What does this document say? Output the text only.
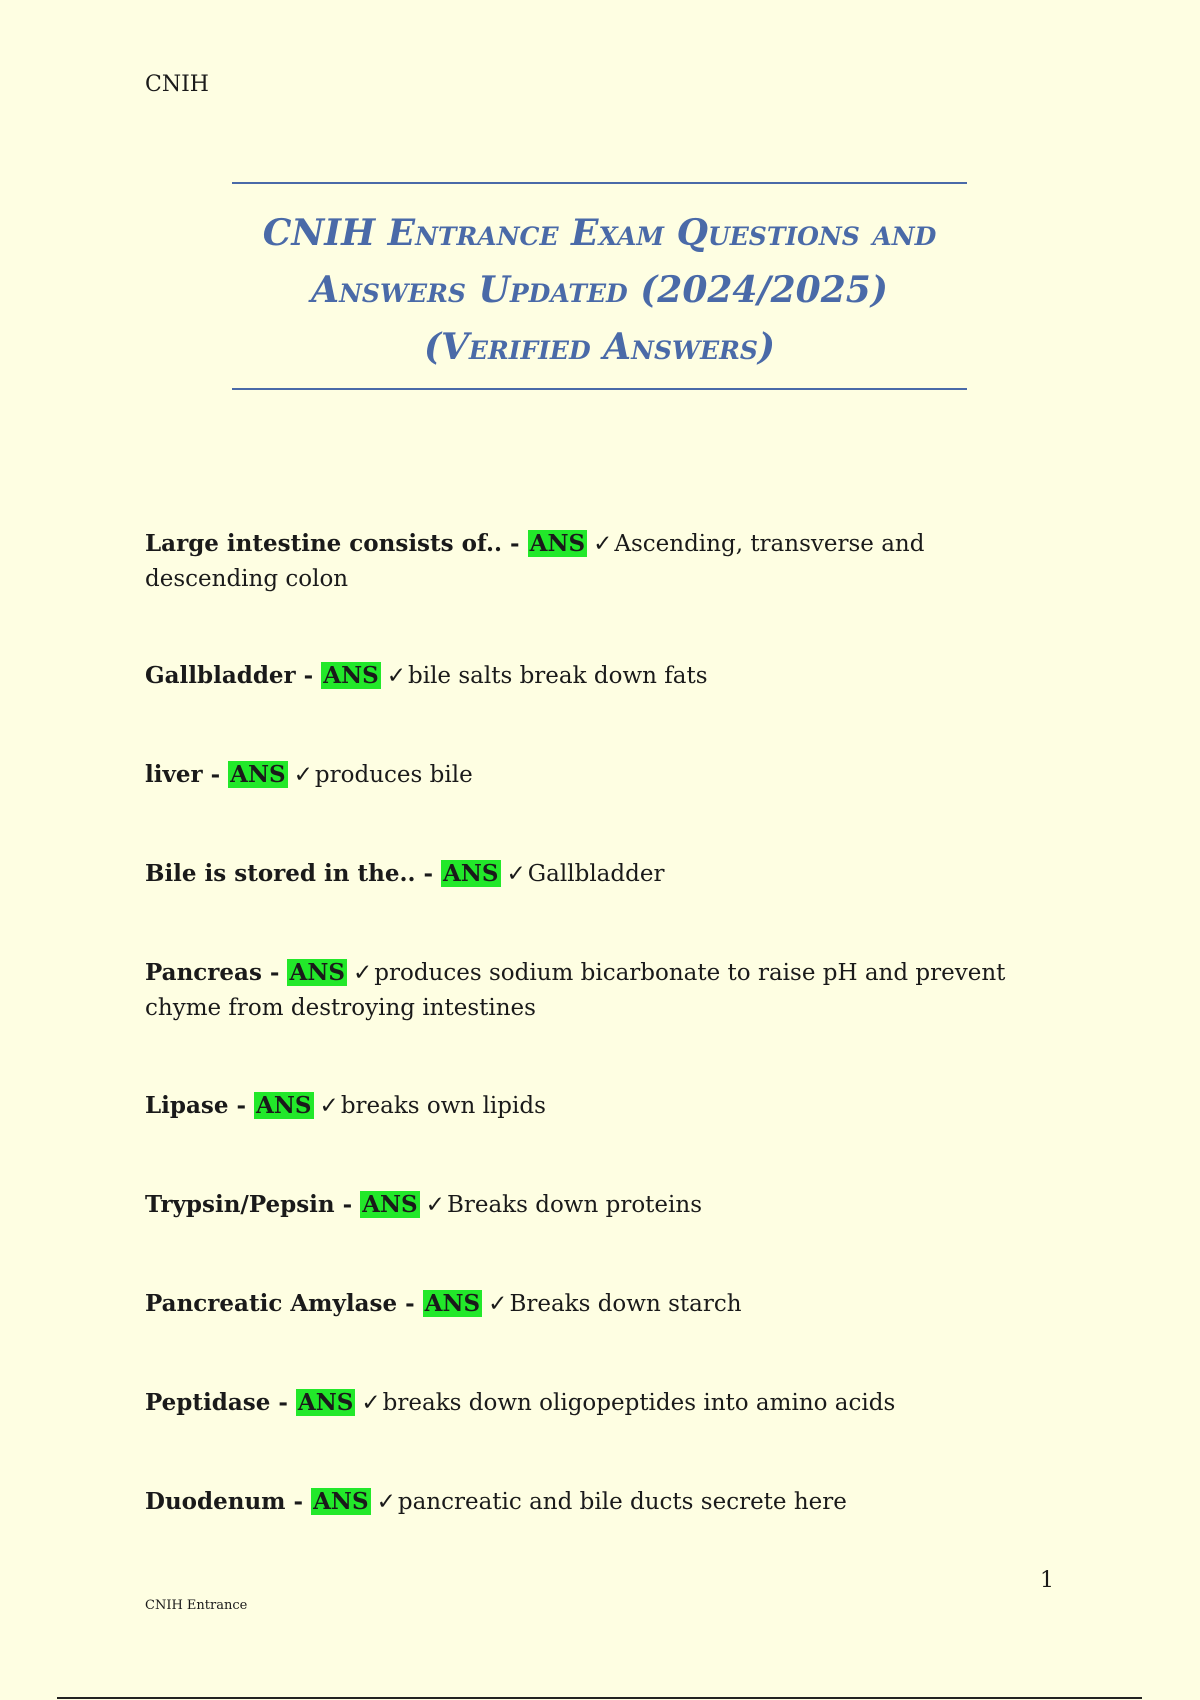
CNIH
CNIH Entrance Exam Questions and
Answers Updated (2024/2025)
(Verified Answers)
Large intestine consists of.. - ANS ✓Ascending, transverse and descending colon
Gallbladder - ANS ✓bile salts break down fats
liver - ANS ✓produces bile
Bile is stored in the.. - ANS ✓Gallbladder
Pancreas - ANS ✓produces sodium bicarbonate to raise pH and prevent chyme from destroying intestines
Lipase - ANS ✓breaks own lipids
Trypsin/Pepsin - ANS ✓Breaks down proteins
Pancreatic Amylase - ANS ✓Breaks down starch
Peptidase - ANS ✓breaks down oligopeptides into amino acids
Duodenum - ANS ✓pancreatic and bile ducts secrete here
1
CNIH Entrance
